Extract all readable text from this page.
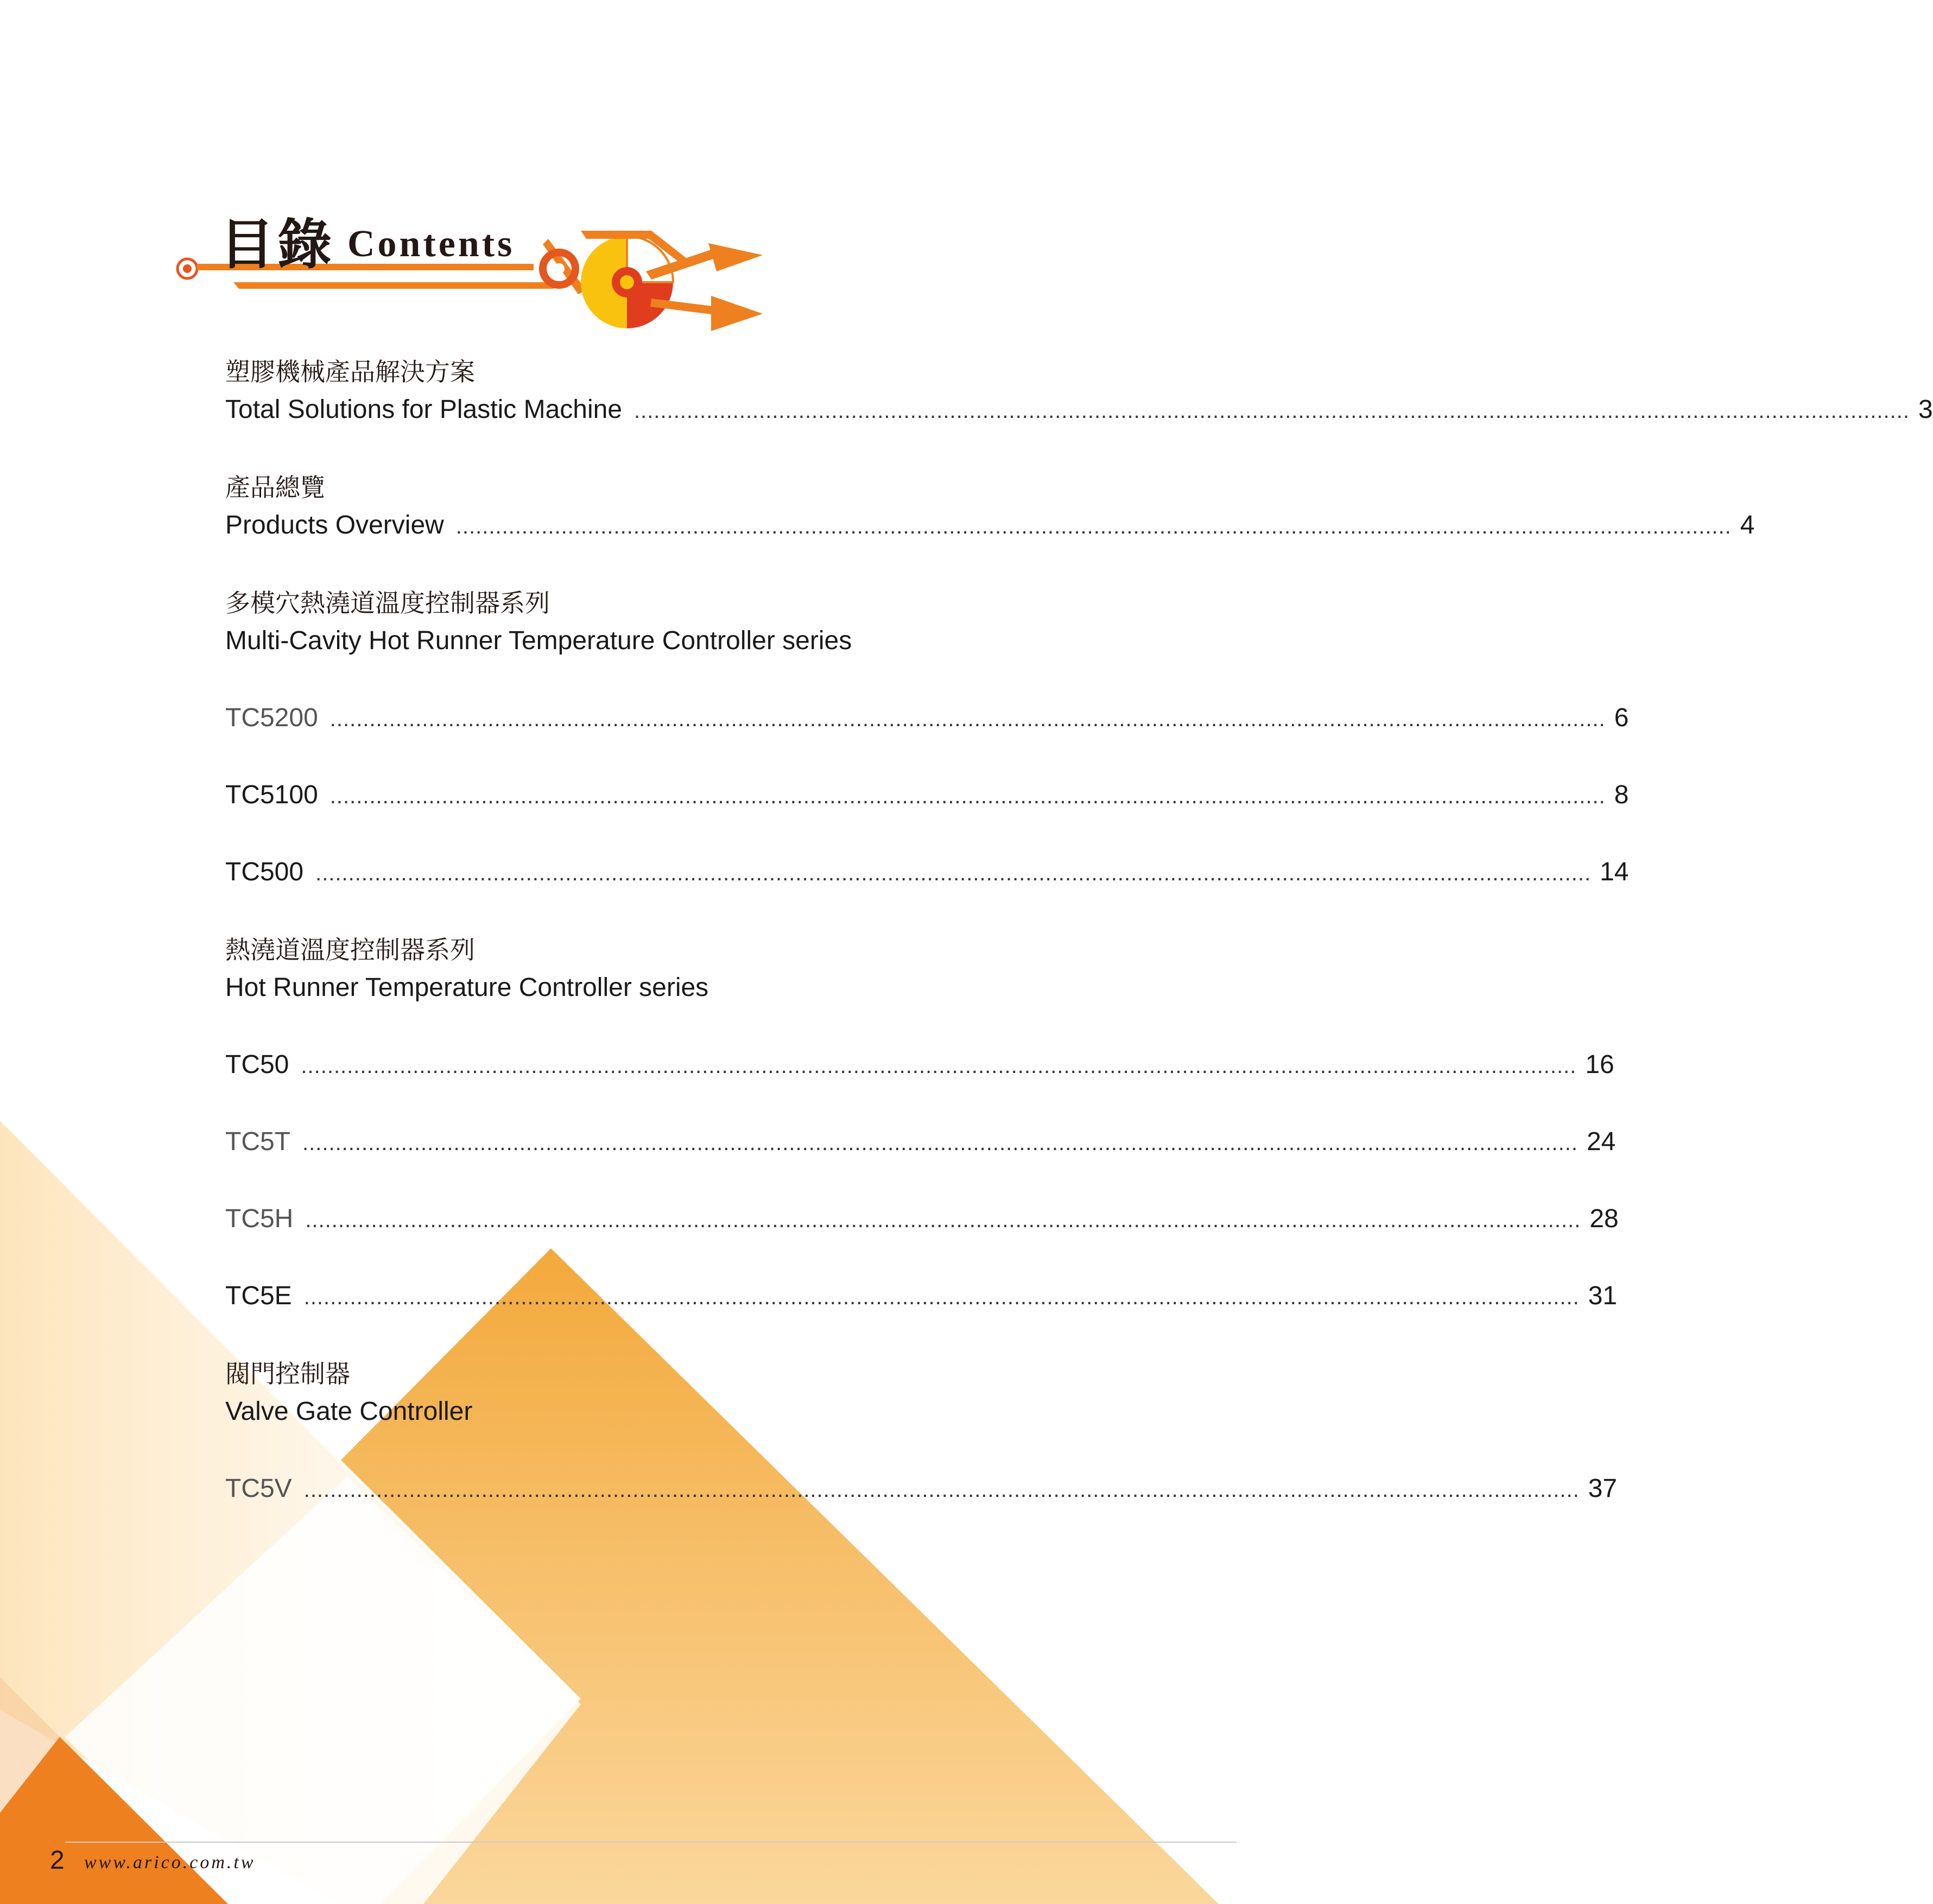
目錄 Contents
塑膠機械產品解決方案
Total Solutions for Plastic Machine .................................................................................................................................................................................................. 3
產品總覽
Products Overview .................................................................................................................................................................................................. 4
多模穴熱澆道溫度控制器系列
Multi-Cavity Hot Runner Temperature Controller series
TC5200 .................................................................................................................................................................................................. 6
TC5100 .................................................................................................................................................................................................. 8
TC500 .................................................................................................................................................................................................. 14
熱澆道溫度控制器系列
Hot Runner Temperature Controller series
TC50 .................................................................................................................................................................................................. 16
TC5T .................................................................................................................................................................................................. 24
TC5H .................................................................................................................................................................................................. 28
TC5E .................................................................................................................................................................................................. 31
閥門控制器
Valve Gate Controller
TC5V .................................................................................................................................................................................................. 37
2 www.arico.com.tw
